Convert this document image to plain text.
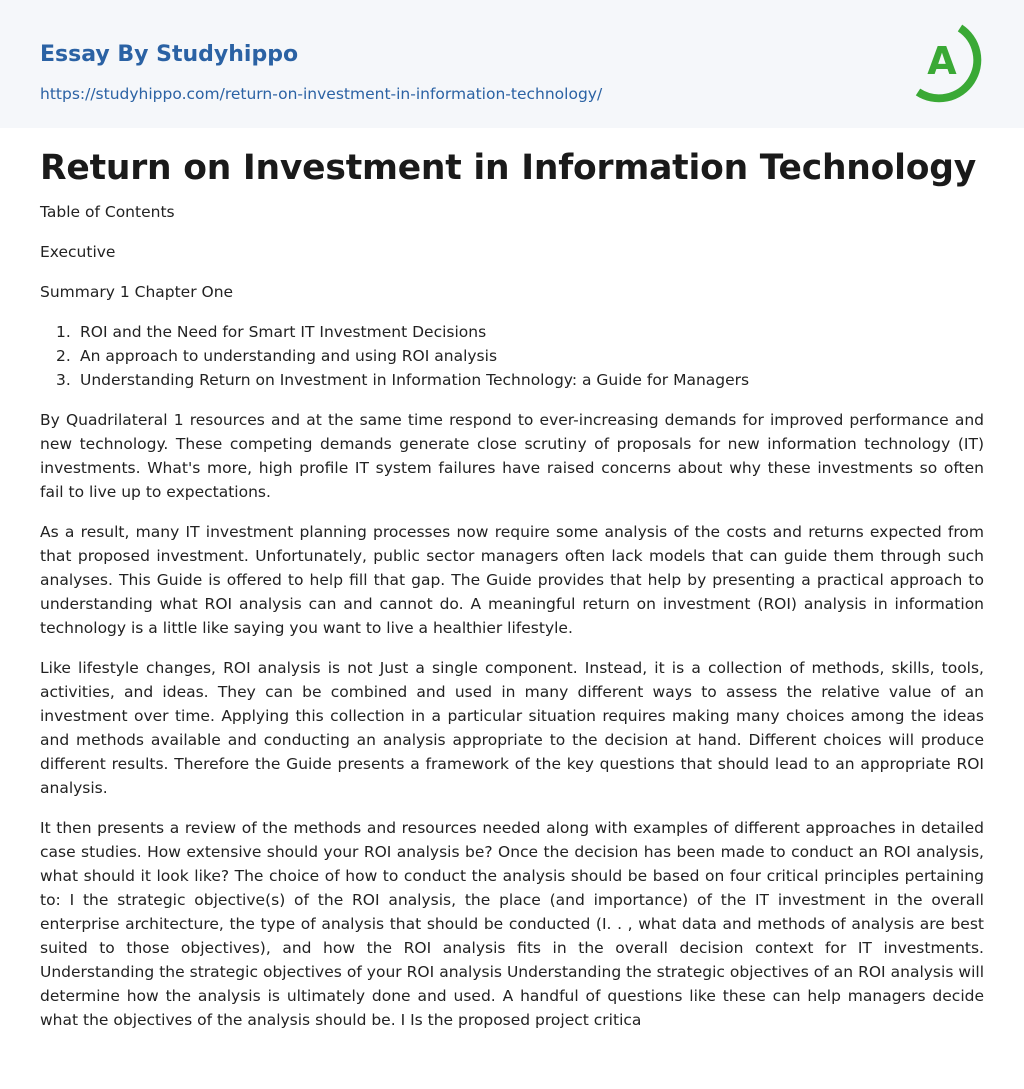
Essay By Studyhippo
https://studyhippo.com/return-on-investment-in-information-technology/
A
Return on Investment in Information Technology

Table of Contents

Executive

Summary 1 Chapter One

1. ROI and the Need for Smart IT Investment Decisions
2. An approach to understanding and using ROI analysis
3. Understanding Return on Investment in Information Technology: a Guide for Managers

By Quadrilateral 1 resources and at the same time respond to ever-increasing demands for improved performance and new technology. These competing demands generate close scrutiny of proposals for new information technology (IT) investments. What's more, high profile IT system failures have raised concerns about why these investments so often fail to live up to expectations.

As a result, many IT investment planning processes now require some analysis of the costs and returns expected from that proposed investment. Unfortunately, public sector managers often lack models that can guide them through such analyses. This Guide is offered to help fill that gap. The Guide provides that help by presenting a practical approach to understanding what ROI analysis can and cannot do. A meaningful return on investment (ROI) analysis in information technology is a little like saying you want to live a healthier lifestyle.

Like lifestyle changes, ROI analysis is not Just a single component. Instead, it is a collection of methods, skills, tools, activities, and ideas. They can be combined and used in many different ways to assess the relative value of an investment over time. Applying this collection in a particular situation requires making many choices among the ideas and methods available and conducting an analysis appropriate to the decision at hand. Different choices will produce different results. Therefore the Guide presents a framework of the key questions that should lead to an appropriate ROI analysis.

It then presents a review of the methods and resources needed along with examples of different approaches in detailed case studies. How extensive should your ROI analysis be? Once the decision has been made to conduct an ROI analysis, what should it look like? The choice of how to conduct the analysis should be based on four critical principles pertaining to: I the strategic objective(s) of the ROI analysis, the place (and importance) of the IT investment in the overall enterprise architecture, the type of analysis that should be conducted (I. . , what data and methods of analysis are best suited to those objectives), and how the ROI analysis fits in the overall decision context for IT investments. Understanding the strategic objectives of your ROI analysis Understanding the strategic objectives of an ROI analysis will determine how the analysis is ultimately done and used. A handful of questions like these can help managers decide what the objectives of the analysis should be. I Is the proposed project critica
